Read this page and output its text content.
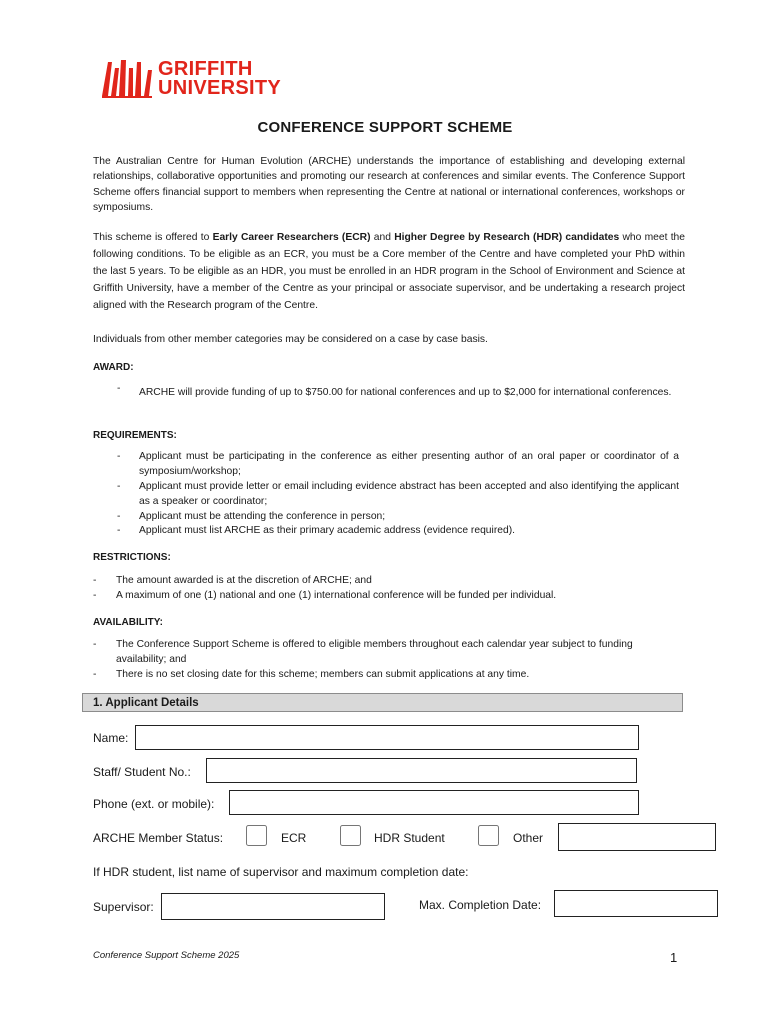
GRIFFITH
UNIVERSITY
CONFERENCE SUPPORT SCHEME
The Australian Centre for Human Evolution (ARCHE) understands the importance of establishing and developing external relationships, collaborative opportunities and promoting our research at conferences and similar events. The Conference Support Scheme offers financial support to members when representing the Centre at national or international conferences, workshops or symposiums.
This scheme is offered to Early Career Researchers (ECR) and Higher Degree by Research (HDR) candidates who meet the following conditions. To be eligible as an ECR, you must be a Core member of the Centre and have completed your PhD within the last 5 years. To be eligible as an HDR, you must be enrolled in an HDR program in the School of Environment and Science at Griffith University, have a member of the Centre as your principal or associate supervisor, and be undertaking a research project aligned with the Research program of the Centre.
Individuals from other member categories may be considered on a case by case basis.
AWARD:
- ARCHE will provide funding of up to $750.00 for national conferences and up to $2,000 for international conferences.
REQUIREMENTS:
- Applicant must be participating in the conference as either presenting author of an oral paper or coordinator of a symposium/workshop;
- Applicant must provide letter or email including evidence abstract has been accepted and also identifying the applicant as a speaker or coordinator;
- Applicant must be attending the conference in person;
- Applicant must list ARCHE as their primary academic address (evidence required).
RESTRICTIONS:
- The amount awarded is at the discretion of ARCHE; and
- A maximum of one (1) national and one (1) international conference will be funded per individual.
AVAILABILITY:
- The Conference Support Scheme is offered to eligible members throughout each calendar year subject to funding availability; and
- There is no set closing date for this scheme; members can submit applications at any time.
1. Applicant Details
Name:
Staff/ Student No.:
Phone (ext. or mobile):
ARCHE Member Status:	ECR	HDR Student	Other
If HDR student, list name of supervisor and maximum completion date:
Supervisor:	Max. Completion Date:
Conference Support Scheme 2025	1
